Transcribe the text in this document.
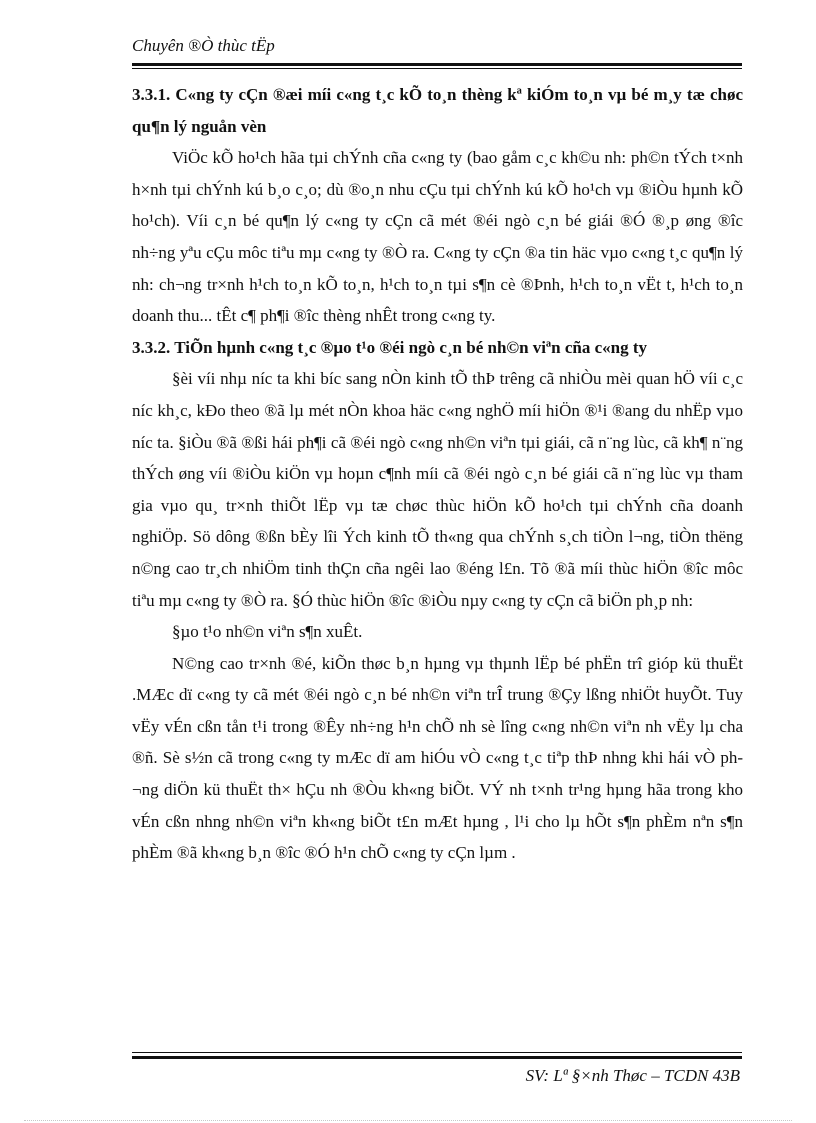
Chuyên ®Ò thùc tËp

3.3.1. C«ng ty cÇn ®æi míi c«ng t¸c kÕ to¸n thèng kª kiÓm to¸n vµ bé m¸y tæ chøc qu¶n lý nguån vèn

ViÖc kÕ ho¹ch hãa tµi chÝnh cña c«ng ty (bao gåm c¸c kh©u nh: ph©n tÝch t×nh h×nh tµi chÝnh kú b¸o c¸o; dù ®o¸n nhu cÇu tµi chÝnh kú kÕ ho¹ch vµ ®iÒu hµnh kÕ ho¹ch). Víi c¸n bé qu¶n lý c«ng ty cÇn cã mét ®éi ngò c¸n bé giái ®Ó ®¸p øng ®îc nh÷ng yªu cÇu môc tiªu mµ c«ng ty ®Ò ra. C«ng ty cÇn ®a tin häc vµo c«ng t¸c qu¶n lý nh: ch¬ng tr×nh h¹ch to¸n kÕ to¸n, h¹ch to¸n tµi s¶n cè ®Þnh, h¹ch to¸n vËt t, h¹ch to¸n doanh thu... tÊt c¶ ph¶i ®îc thèng nhÊt trong c«ng ty.

3.3.2. TiÕn hµnh c«ng t¸c ®µo t¹o ®éi ngò c¸n bé nh©n viªn cña c«ng ty

§èi víi nhµ níc ta khi bíc sang nÒn kinh tÕ thÞ trêng cã nhiÒu mèi quan hÖ víi c¸c níc kh¸c, kÐo theo ®ã lµ mét nÒn khoa häc c«ng nghÖ míi hiÖn ®¹i ®ang du nhËp vµo níc ta. §iÒu ®ã ®ßi hái ph¶i cã ®éi ngò c«ng nh©n viªn tµi giái, cã n¨ng lùc, cã kh¶ n¨ng thÝch øng víi ®iÒu kiÖn vµ hoµn c¶nh míi cã ®éi ngò c¸n bé giái cã n¨ng lùc vµ tham gia vµo qu¸ tr×nh thiÕt lËp vµ tæ chøc thùc hiÖn kÕ ho¹ch tµi chÝnh cña doanh nghiÖp. Sö dông ®ßn bÈy lîi Ých kinh tÕ th«ng qua chÝnh s¸ch tiÒn l¬ng, tiÒn thëng n©ng cao tr¸ch nhiÖm tinh thÇn cña ngêi lao ®éng l£n. Tõ ®ã míi thùc hiÖn ®îc môc tiªu mµ c«ng ty ®Ò ra. §Ó thùc hiÖn ®îc ®iÒu nµy c«ng ty cÇn cã biÖn ph¸p nh:

§µo t¹o nh©n viªn s¶n xuÊt.

N©ng cao tr×nh ®é, kiÕn thøc b¸n hµng vµ thµnh lËp bé phËn trî gióp kü thuËt .MÆc dï c«ng ty cã mét ®éi ngò c¸n bé nh©n viªn trÎ trung ®Çy lßng nhiÖt huyÕt. Tuy vËy vÉn cßn tån t¹i trong ®Êy nh÷ng h¹n chÕ nh sè lîng c«ng nh©n viªn nh vËy lµ cha ®ñ. Sè s½n cã trong c«ng ty mÆc dï am hiÓu vÒ c«ng t¸c tiªp thÞ nhng khi hái vÒ ph¬ng diÖn kü thuËt th× hÇu nh ®Òu kh«ng biÕt. VÝ nh t×nh tr¹ng hµng hãa trong kho vÉn cßn nhng nh©n viªn kh«ng biÕt t£n mÆt hµng , l¹i cho lµ hÕt s¶n phÈm nªn s¶n phÈm ®ã kh«ng b¸n ®îc ®Ó h¹n chÕ c«ng ty cÇn lµm .

SV: Lª §×nh Thøc – TCDN 43B
